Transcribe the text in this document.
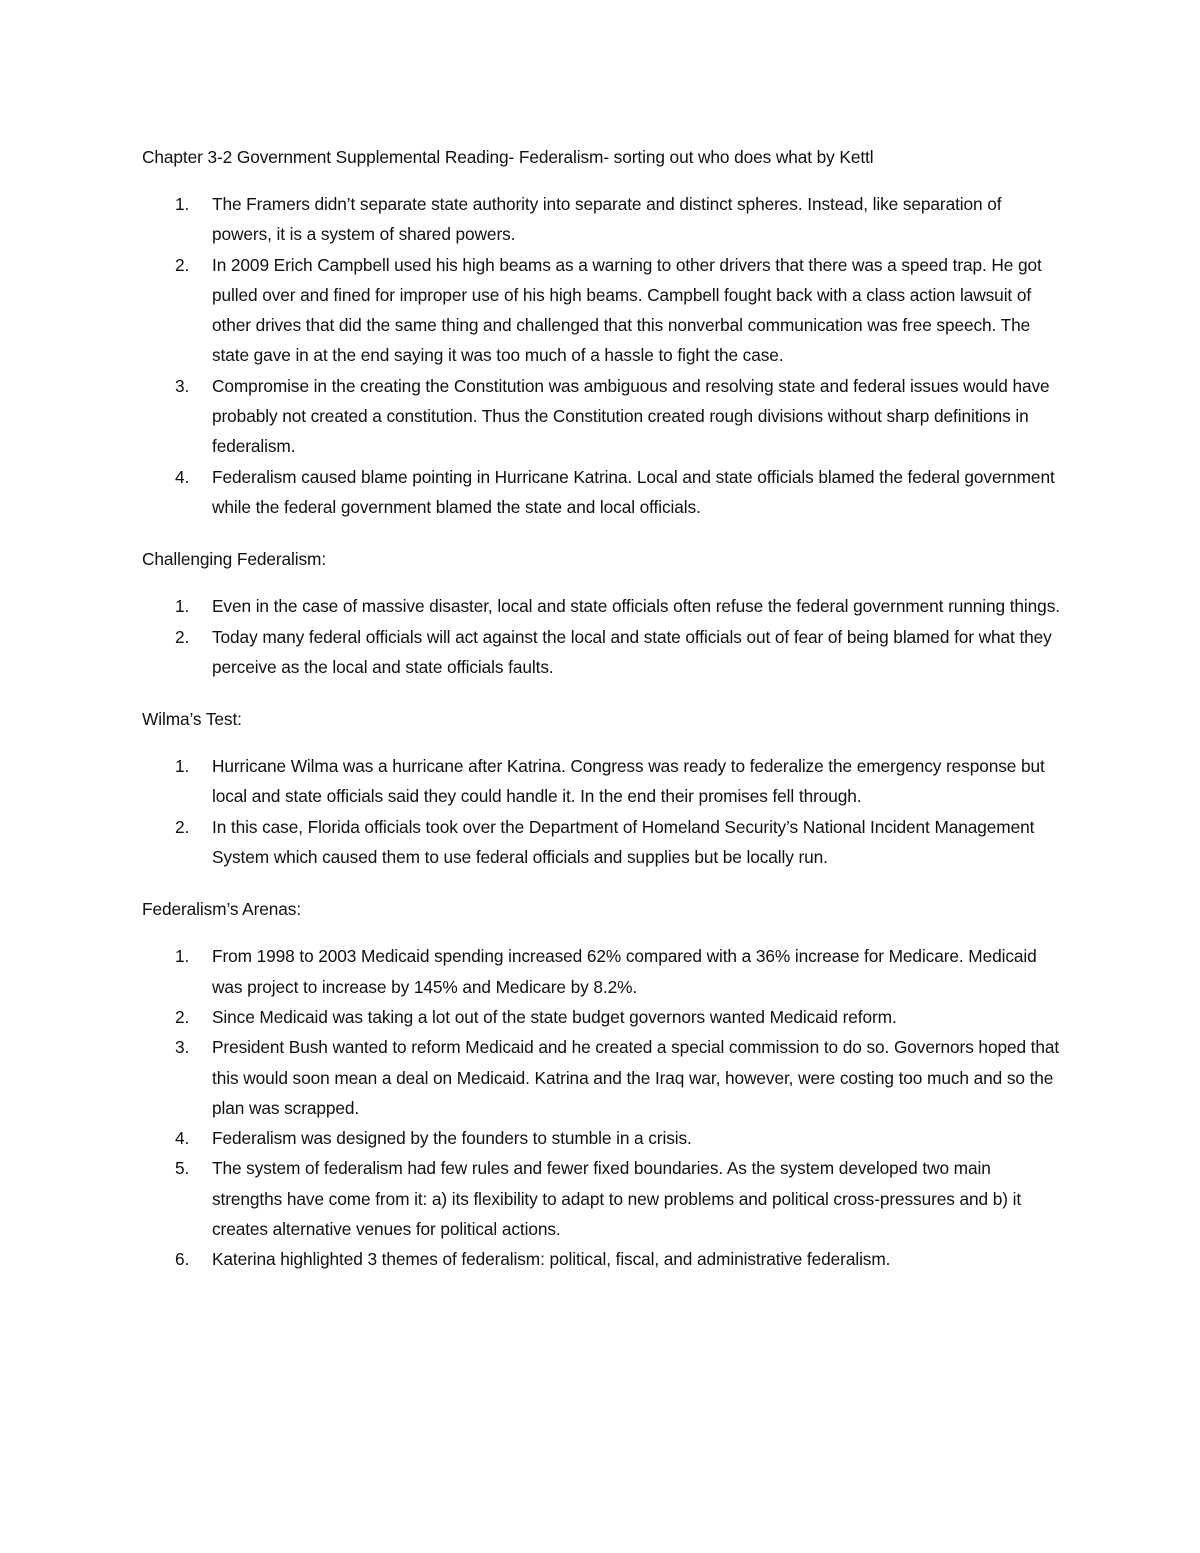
Chapter 3-2 Government Supplemental Reading- Federalism- sorting out who does what by Kettl

1. The Framers didn’t separate state authority into separate and distinct spheres. Instead, like separation of powers, it is a system of shared powers.
2. In 2009 Erich Campbell used his high beams as a warning to other drivers that there was a speed trap. He got pulled over and fined for improper use of his high beams. Campbell fought back with a class action lawsuit of other drives that did the same thing and challenged that this nonverbal communication was free speech. The state gave in at the end saying it was too much of a hassle to fight the case.
3. Compromise in the creating the Constitution was ambiguous and resolving state and federal issues would have probably not created a constitution. Thus the Constitution created rough divisions without sharp definitions in federalism.
4. Federalism caused blame pointing in Hurricane Katrina. Local and state officials blamed the federal government while the federal government blamed the state and local officials.

Challenging Federalism:

1. Even in the case of massive disaster, local and state officials often refuse the federal government running things.
2. Today many federal officials will act against the local and state officials out of fear of being blamed for what they perceive as the local and state officials faults.

Wilma’s Test:

1. Hurricane Wilma was a hurricane after Katrina. Congress was ready to federalize the emergency response but local and state officials said they could handle it. In the end their promises fell through.
2. In this case, Florida officials took over the Department of Homeland Security’s National Incident Management System which caused them to use federal officials and supplies but be locally run.

Federalism’s Arenas:

1. From 1998 to 2003 Medicaid spending increased 62% compared with a 36% increase for Medicare. Medicaid was project to increase by 145% and Medicare by 8.2%.
2. Since Medicaid was taking a lot out of the state budget governors wanted Medicaid reform.
3. President Bush wanted to reform Medicaid and he created a special commission to do so. Governors hoped that this would soon mean a deal on Medicaid. Katrina and the Iraq war, however, were costing too much and so the plan was scrapped.
4. Federalism was designed by the founders to stumble in a crisis.
5. The system of federalism had few rules and fewer fixed boundaries. As the system developed two main strengths have come from it: a) its flexibility to adapt to new problems and political cross-pressures and b) it creates alternative venues for political actions.
6. Katerina highlighted 3 themes of federalism: political, fiscal, and administrative federalism.
